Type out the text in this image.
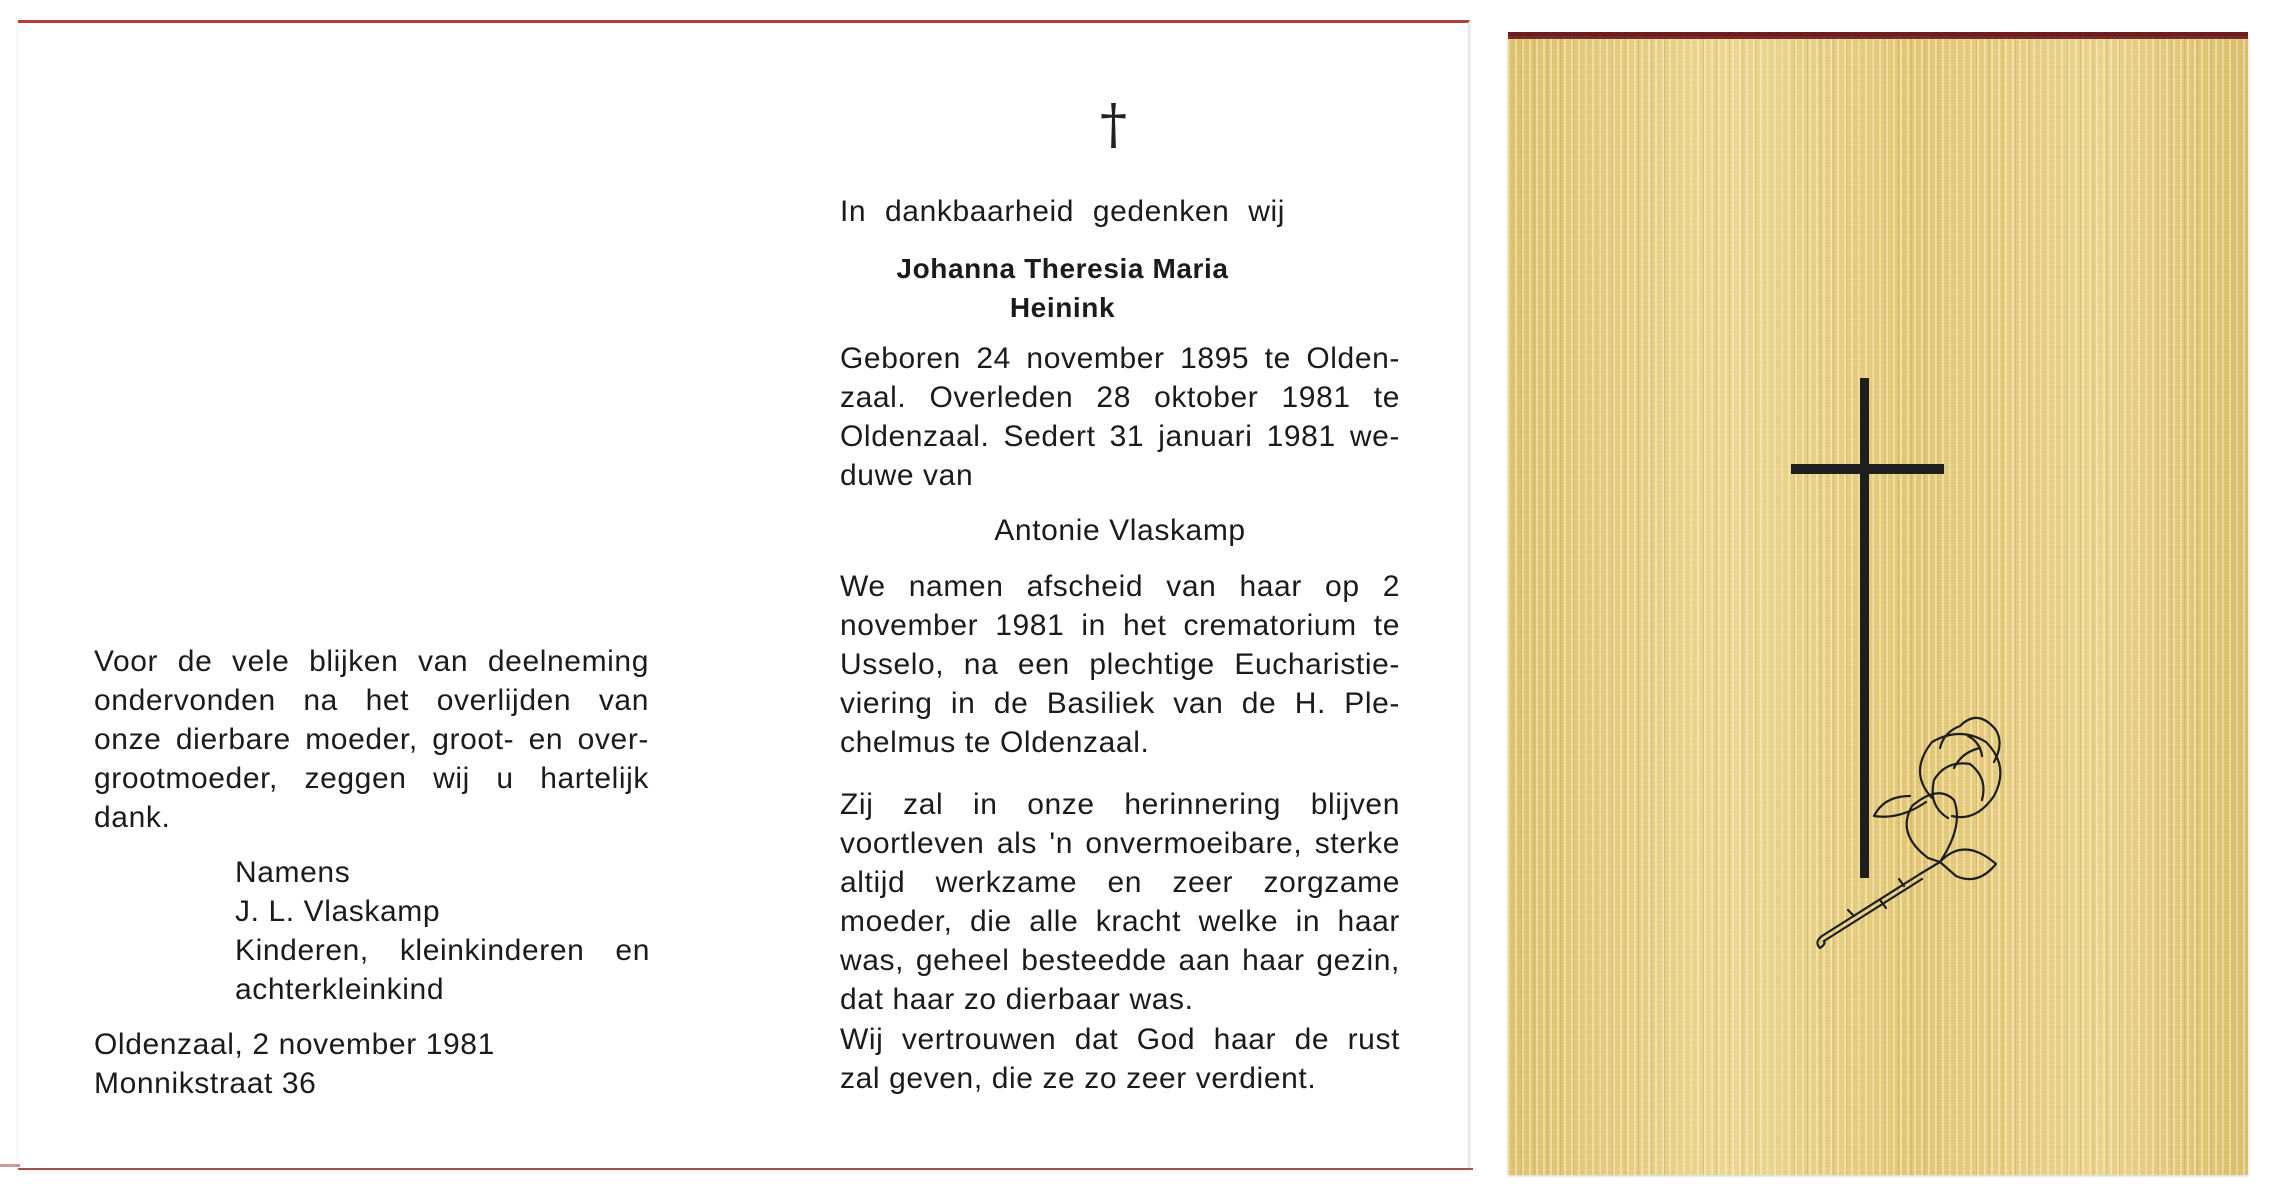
†

In dankbaarheid gedenken wij

Johanna Theresia Maria
Heinink
Geboren 24 november 1895 te Olden-
zaal. Overleden 28 oktober 1981 te
Oldenzaal. Sedert 31 januari 1981 we-
duwe van

Antonie Vlaskamp

We namen afscheid van haar op 2
november 1981 in het crematorium te
Usselo, na een plechtige Eucharistie-
viering in de Basiliek van de H. Ple-
chelmus te Oldenzaal.
Zij zal in onze herinnering blijven
voortleven als 'n onvermoeibare, sterke
altijd werkzame en zeer zorgzame
moeder, die alle kracht welke in haar
was, geheel besteedde aan haar gezin,
dat haar zo dierbaar was.
Wij vertrouwen dat God haar de rust
zal geven, die ze zo zeer verdient.
Voor de vele blijken van deelneming
ondervonden na het overlijden van
onze dierbare moeder, groot- en over-
grootmoeder, zeggen wij u hartelijk
dank.
Namens
J. L. Vlaskamp
Kinderen, kleinkinderen en
achterkleinkind
Oldenzaal, 2 november 1981
Monnikstraat 36
